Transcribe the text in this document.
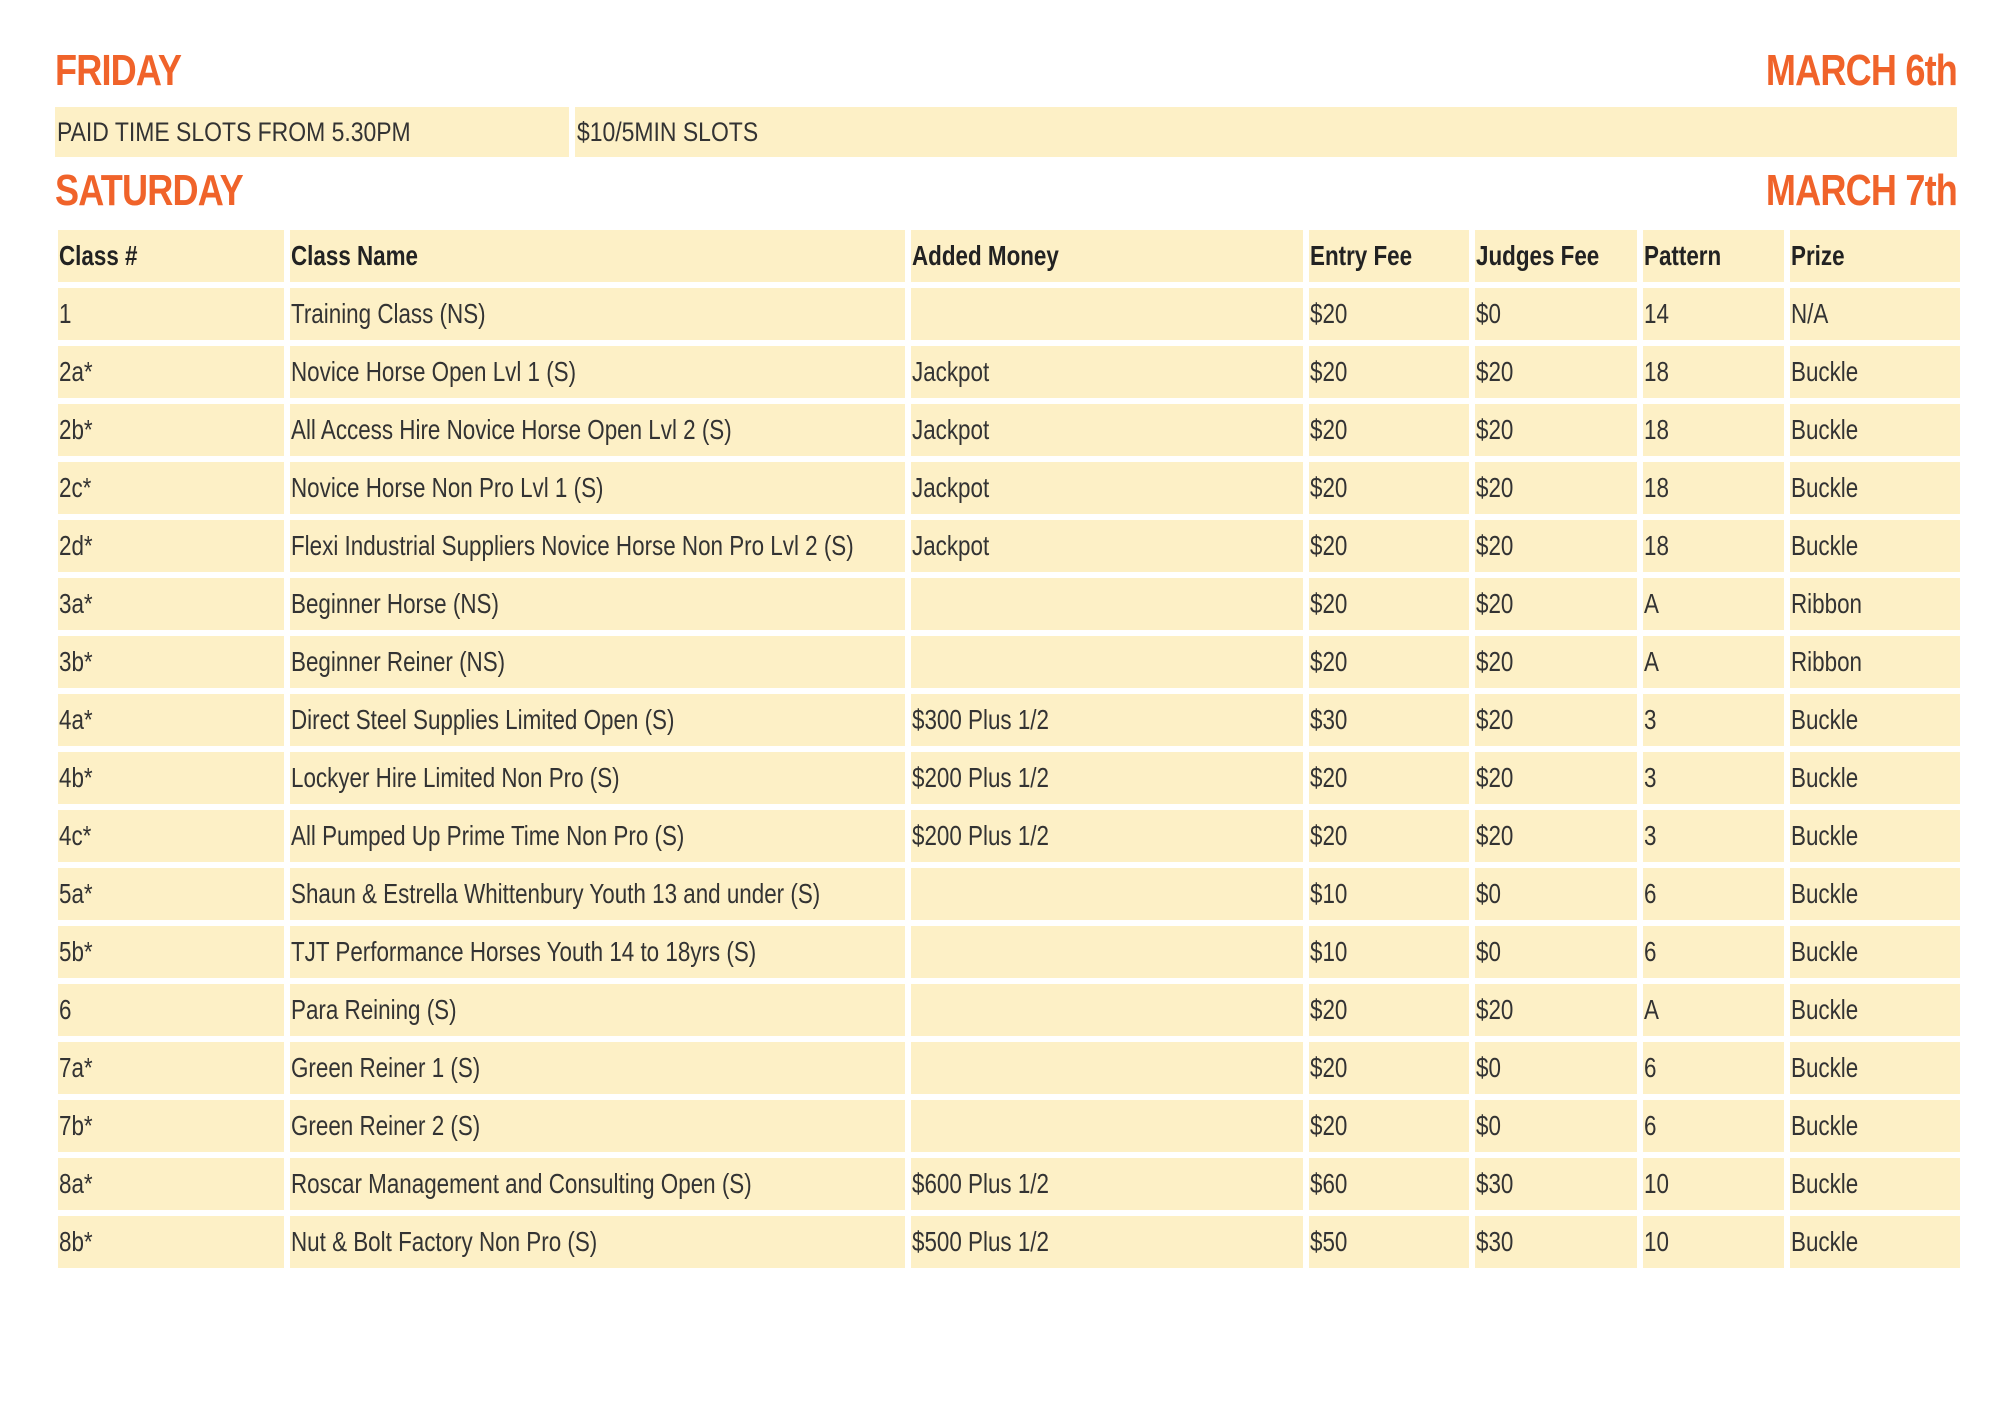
FRIDAY	MARCH 6th
PAID TIME SLOTS FROM 5.30PM	$10/5MIN SLOTS
SATURDAY	MARCH 7th
Class #	Class Name	Added Money	Entry Fee	Judges Fee	Pattern	Prize
1	Training Class (NS)		$20	$0	14	N/A
2a*	Novice Horse Open Lvl 1 (S)	Jackpot	$20	$20	18	Buckle
2b*	All Access Hire Novice Horse Open Lvl 2 (S)	Jackpot	$20	$20	18	Buckle
2c*	Novice Horse Non Pro Lvl 1 (S)	Jackpot	$20	$20	18	Buckle
2d*	Flexi Industrial Suppliers Novice Horse Non Pro Lvl 2 (S)	Jackpot	$20	$20	18	Buckle
3a*	Beginner Horse (NS)		$20	$20	A	Ribbon
3b*	Beginner Reiner (NS)		$20	$20	A	Ribbon
4a*	Direct Steel Supplies Limited Open (S)	$300 Plus 1/2	$30	$20	3	Buckle
4b*	Lockyer Hire Limited Non Pro (S)	$200 Plus 1/2	$20	$20	3	Buckle
4c*	All Pumped Up Prime Time Non Pro (S)	$200 Plus 1/2	$20	$20	3	Buckle
5a*	Shaun & Estrella Whittenbury Youth 13 and under (S)		$10	$0	6	Buckle
5b*	TJT Performance Horses Youth 14 to 18yrs (S)		$10	$0	6	Buckle
6	Para Reining (S)		$20	$20	A	Buckle
7a*	Green Reiner 1 (S)		$20	$0	6	Buckle
7b*	Green Reiner 2 (S)		$20	$0	6	Buckle
8a*	Roscar Management and Consulting Open (S)	$600 Plus 1/2	$60	$30	10	Buckle
8b*	Nut & Bolt Factory Non Pro (S)	$500 Plus 1/2	$50	$30	10	Buckle
